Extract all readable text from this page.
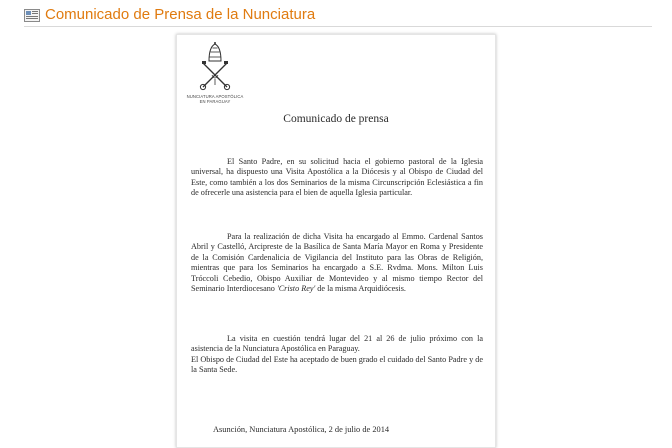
Comunicado de Prensa de la Nunciatura
NUNCIATURA APOSTÓLICA
EN PARAGUAY
Comunicado de prensa
El Santo Padre, en su solicitud hacia el gobierno pastoral de la Iglesia universal, ha dispuesto una Visita Apostólica a la Diócesis y al Obispo de Ciudad del Este, como también a los dos Seminarios de la misma Circunscripción Eclesiástica a fin de ofrecerle una asistencia para el bien de aquella Iglesia particular.
Para la realización de dicha Visita ha encargado al Emmo. Cardenal Santos Abril y Castelló, Arcipreste de la Basílica de Santa María Mayor en Roma y Presidente de la Comisión Cardenalicia de Vigilancia del Instituto para las Obras de Religión, mientras que para los Seminarios ha encargado a S.E. Rvdma. Mons. Milton Luis Tróccoli Cebedio, Obispo Auxiliar de Montevideo y al mismo tiempo Rector del Seminario Interdiocesano 'Cristo Rey' de la misma Arquidiócesis.
La visita en cuestión tendrá lugar del 21 al 26 de julio próximo con la asistencia de la Nunciatura Apostólica en Paraguay.
El Obispo de Ciudad del Este ha aceptado de buen grado el cuidado del Santo Padre y de la Santa Sede.
Asunción, Nunciatura Apostólica, 2 de julio de 2014
